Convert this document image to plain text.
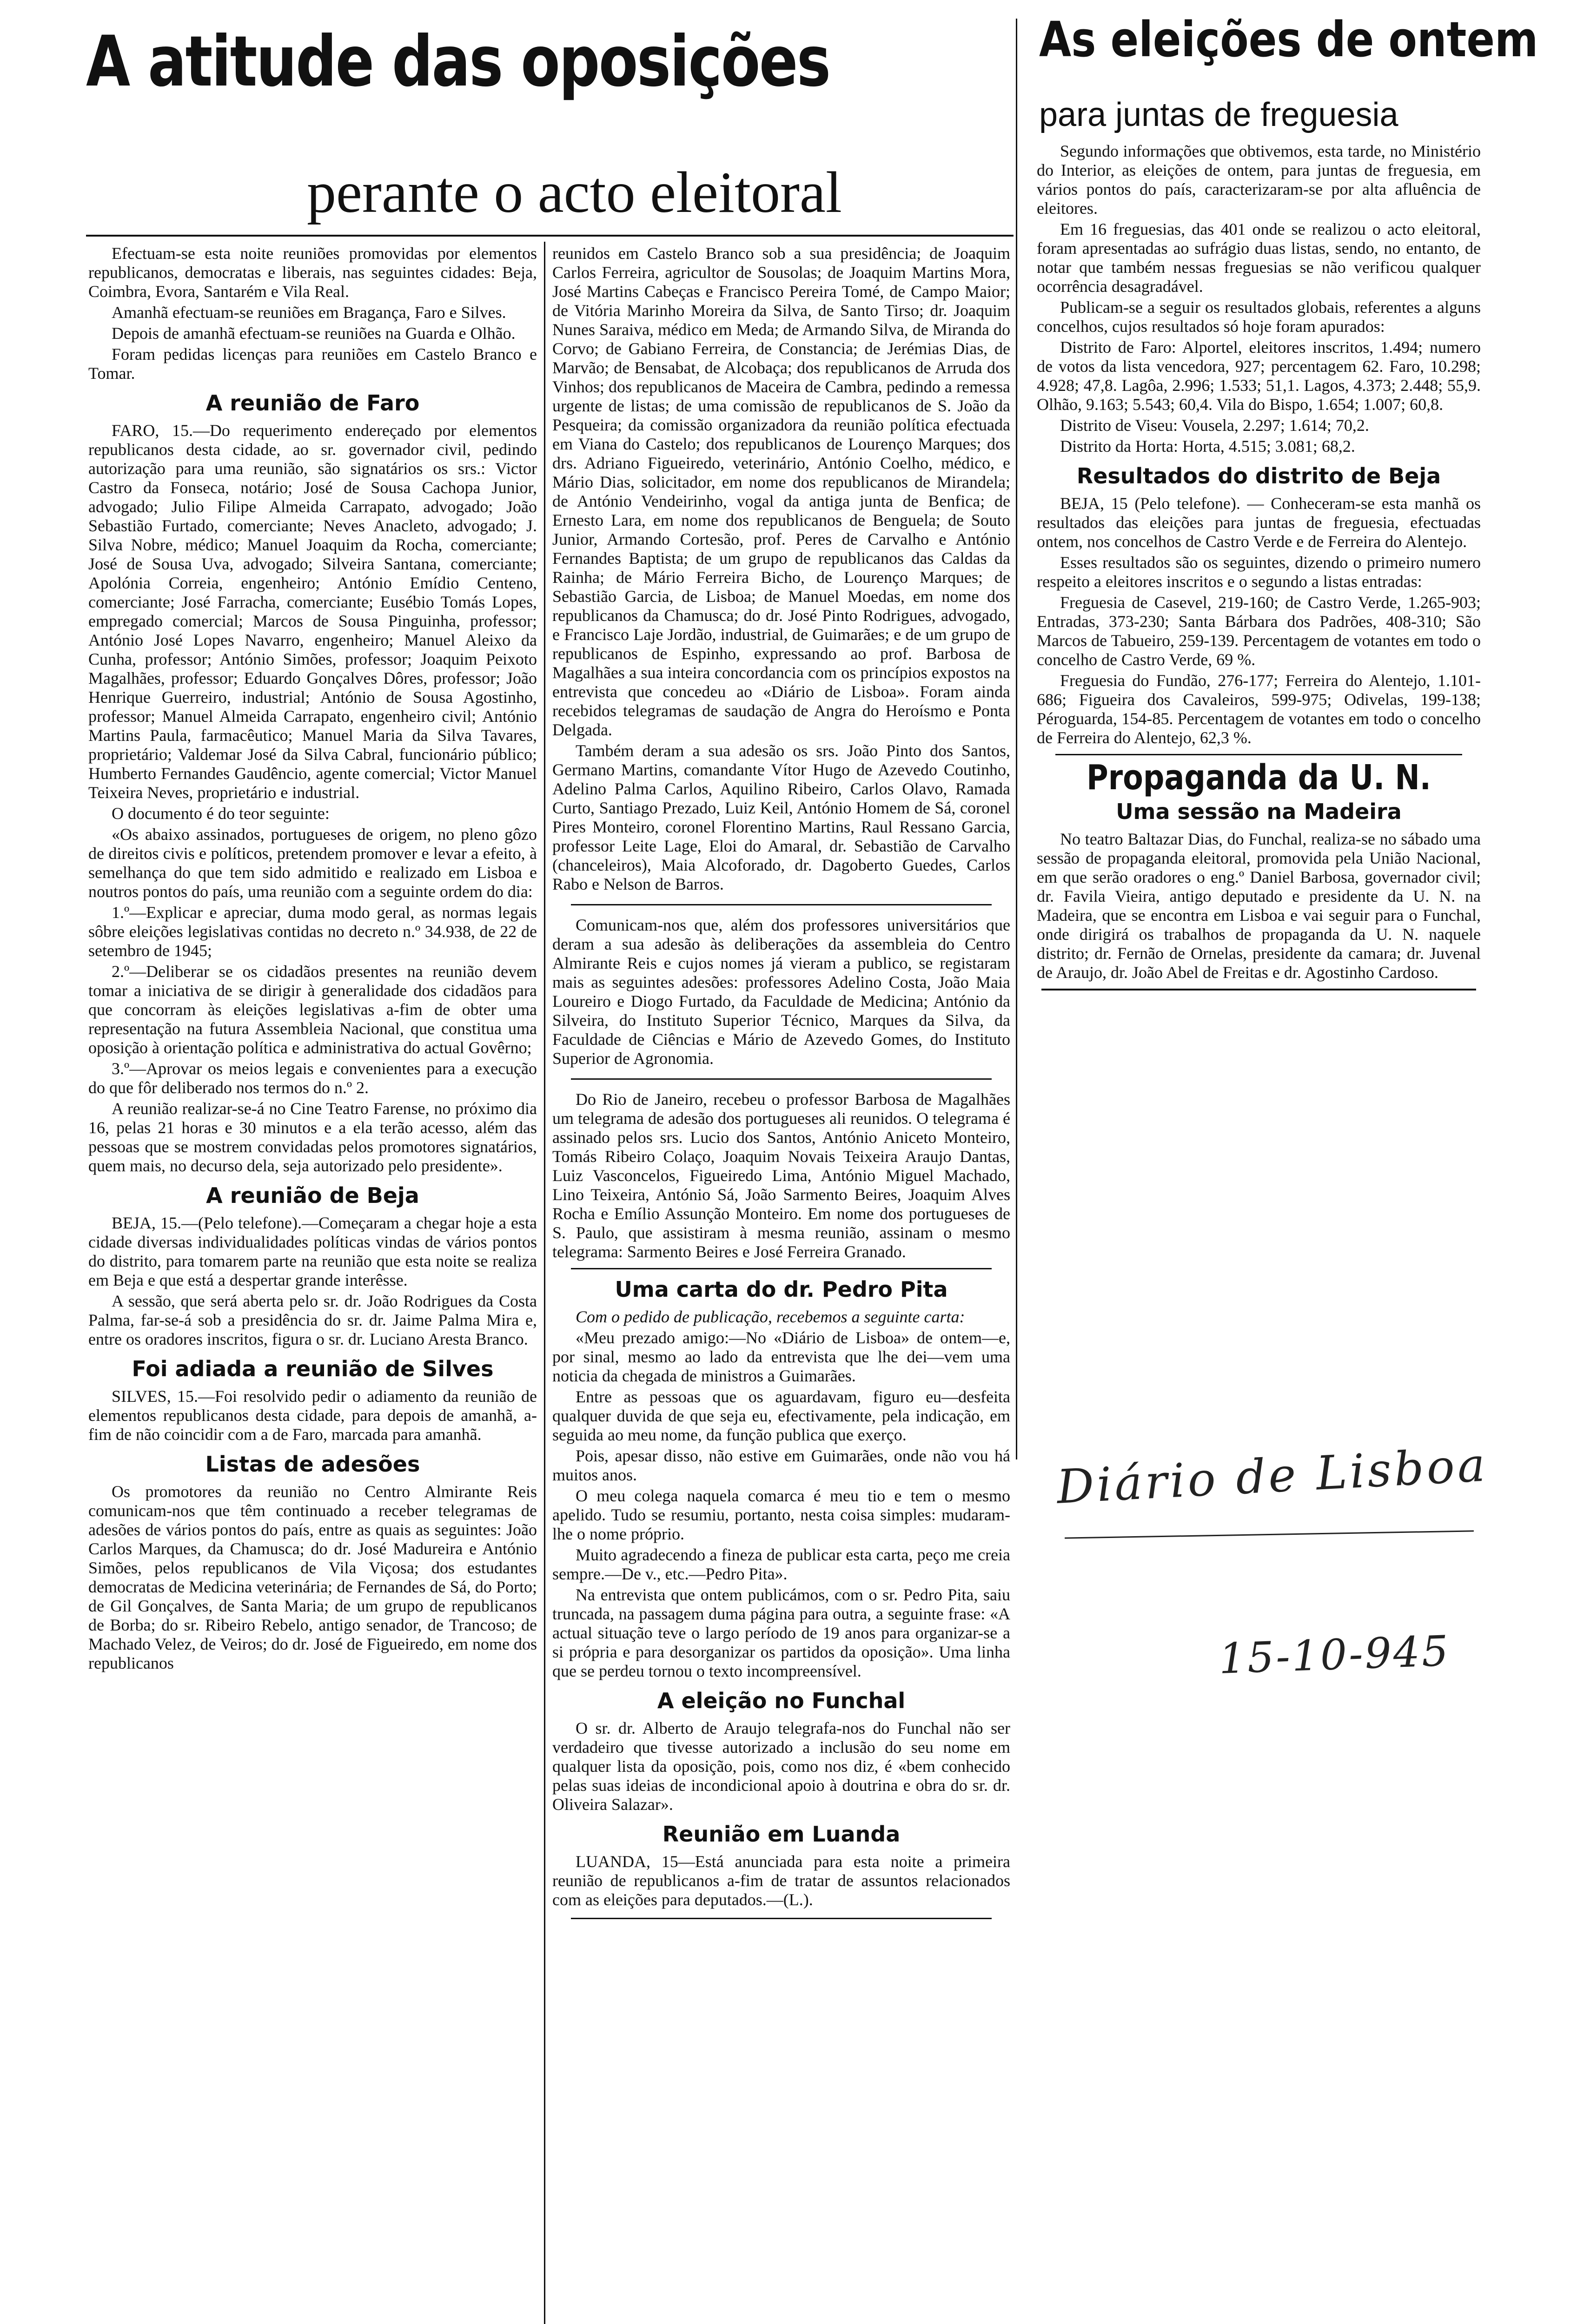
A atitude das oposições
perante o acto eleitoral

Efectuam-se esta noite reuniões promovidas por elementos republicanos, democratas e liberais, nas seguintes cidades: Beja, Coimbra, Evora, Santarém e Vila Real.

Amanhã efectuam-se reuniões em Bragança, Faro e Silves.

Depois de amanhã efectuam-se reuniões na Guarda e Olhão.

Foram pedidas licenças para reuniões em Castelo Branco e Tomar.

A reunião de Faro

FARO, 15.—Do requerimento endereçado por elementos republicanos desta cidade, ao sr. governador civil, pedindo autorização para uma reunião, são signatários os srs.: Victor Castro da Fonseca, notário; José de Sousa Cachopa Junior, advogado; Julio Filipe Almeida Carrapato, advogado; João Sebastião Furtado, comerciante; Neves Anacleto, advogado; J. Silva Nobre, médico; Manuel Joaquim da Rocha, comerciante; José de Sousa Uva, advogado; Silveira Santana, comerciante; Apolónia Correia, engenheiro; António Emídio Centeno, comerciante; José Farracha, comerciante; Eusébio Tomás Lopes, empregado comercial; Marcos de Sousa Pinguinha, professor; António José Lopes Navarro, engenheiro; Manuel Aleixo da Cunha, professor; António Simões, professor; Joaquim Peixoto Magalhães, professor; Eduardo Gonçalves Dôres, professor; João Henrique Guerreiro, industrial; António de Sousa Agostinho, professor; Manuel Almeida Carrapato, engenheiro civil; António Martins Paula, farmacêutico; Manuel Maria da Silva Tavares, proprietário; Valdemar José da Silva Cabral, funcionário público; Humberto Fernandes Gaudêncio, agente comercial; Victor Manuel Teixeira Neves, proprietário e industrial.

O documento é do teor seguinte:

«Os abaixo assinados, portugueses de origem, no pleno gôzo de direitos civis e políticos, pretendem promover e levar a efeito, à semelhança do que tem sido admitido e realizado em Lisboa e noutros pontos do país, uma reunião com a seguinte ordem do dia:

1.º—Explicar e apreciar, duma modo geral, as normas legais sôbre eleições legislativas contidas no decreto n.º 34.938, de 22 de setembro de 1945;

2.º—Deliberar se os cidadãos presentes na reunião devem tomar a iniciativa de se dirigir à generalidade dos cidadãos para que concorram às eleições legislativas a-fim de obter uma representação na futura Assembleia Nacional, que constitua uma oposição à orientação política e administrativa do actual Govêrno;

3.º—Aprovar os meios legais e convenientes para a execução do que fôr deliberado nos termos do n.º 2.

A reunião realizar-se-á no Cine Teatro Farense, no próximo dia 16, pelas 21 horas e 30 minutos e a ela terão acesso, além das pessoas que se mostrem convidadas pelos promotores signatários, quem mais, no decurso dela, seja autorizado pelo presidente».

A reunião de Beja

BEJA, 15.—(Pelo telefone).—Começaram a chegar hoje a esta cidade diversas individualidades políticas vindas de vários pontos do distrito, para tomarem parte na reunião que esta noite se realiza em Beja e que está a despertar grande interêsse.

A sessão, que será aberta pelo sr. dr. João Rodrigues da Costa Palma, far-se-á sob a presidência do sr. dr. Jaime Palma Mira e, entre os oradores inscritos, figura o sr. dr. Luciano Aresta Branco.

Foi adiada a reunião de Silves

SILVES, 15.—Foi resolvido pedir o adiamento da reunião de elementos republicanos desta cidade, para depois de amanhã, a-fim de não coincidir com a de Faro, marcada para amanhã.

Listas de adesões

Os promotores da reunião no Centro Almirante Reis comunicam-nos que têm continuado a receber telegramas de adesões de vários pontos do país, entre as quais as seguintes: João Carlos Marques, da Chamusca; do dr. José Madureira e António Simões, pelos republicanos de Vila Viçosa; dos estudantes democratas de Medicina veterinária; de Fernandes de Sá, do Porto; de Gil Gonçalves, de Santa Maria; de um grupo de republicanos de Borba; do sr. Ribeiro Rebelo, antigo senador, de Trancoso; de Machado Velez, de Veiros; do dr. José de Figueiredo, em nome dos republicanos

reunidos em Castelo Branco sob a sua presidência; de Joaquim Carlos Ferreira, agricultor de Sousolas; de Joaquim Martins Mora, José Martins Cabeças e Francisco Pereira Tomé, de Campo Maior; de Vitória Marinho Moreira da Silva, de Santo Tirso; dr. Joaquim Nunes Saraiva, médico em Meda; de Armando Silva, de Miranda do Corvo; de Gabiano Ferreira, de Constancia; de Jerémias Dias, de Marvão; de Bensabat, de Alcobaça; dos republicanos de Arruda dos Vinhos; dos republicanos de Maceira de Cambra, pedindo a remessa urgente de listas; de uma comissão de republicanos de S. João da Pesqueira; da comissão organizadora da reunião política efectuada em Viana do Castelo; dos republicanos de Lourenço Marques; dos drs. Adriano Figueiredo, veterinário, António Coelho, médico, e Mário Dias, solicitador, em nome dos republicanos de Mirandela; de António Vendeirinho, vogal da antiga junta de Benfica; de Ernesto Lara, em nome dos republicanos de Benguela; de Souto Junior, Armando Cortesão, prof. Peres de Carvalho e António Fernandes Baptista; de um grupo de republicanos das Caldas da Rainha; de Mário Ferreira Bicho, de Lourenço Marques; de Sebastião Garcia, de Lisboa; de Manuel Moedas, em nome dos republicanos da Chamusca; do dr. José Pinto Rodrigues, advogado, e Francisco Laje Jordão, industrial, de Guimarães; e de um grupo de republicanos de Espinho, expressando ao prof. Barbosa de Magalhães a sua inteira concordancia com os princípios expostos na entrevista que concedeu ao «Diário de Lisboa». Foram ainda recebidos telegramas de saudação de Angra do Heroísmo e Ponta Delgada.

Também deram a sua adesão os srs. João Pinto dos Santos, Germano Martins, comandante Vítor Hugo de Azevedo Coutinho, Adelino Palma Carlos, Aquilino Ribeiro, Carlos Olavo, Ramada Curto, Santiago Prezado, Luiz Keil, António Homem de Sá, coronel Pires Monteiro, coronel Florentino Martins, Raul Ressano Garcia, professor Leite Lage, Eloi do Amaral, dr. Sebastião de Carvalho (chanceleiros), Maia Alcoforado, dr. Dagoberto Guedes, Carlos Rabo e Nelson de Barros.

Comunicam-nos que, além dos professores universitários que deram a sua adesão às deliberações da assembleia do Centro Almirante Reis e cujos nomes já vieram a publico, se registaram mais as seguintes adesões: professores Adelino Costa, João Maia Loureiro e Diogo Furtado, da Faculdade de Medicina; António da Silveira, do Instituto Superior Técnico, Marques da Silva, da Faculdade de Ciências e Mário de Azevedo Gomes, do Instituto Superior de Agronomia.

Do Rio de Janeiro, recebeu o professor Barbosa de Magalhães um telegrama de adesão dos portugueses ali reunidos. O telegrama é assinado pelos srs. Lucio dos Santos, António Aniceto Monteiro, Tomás Ribeiro Colaço, Joaquim Novais Teixeira Araujo Dantas, Luiz Vasconcelos, Figueiredo Lima, António Miguel Machado, Lino Teixeira, António Sá, João Sarmento Beires, Joaquim Alves Rocha e Emílio Assunção Monteiro. Em nome dos portugueses de S. Paulo, que assistiram à mesma reunião, assinam o mesmo telegrama: Sarmento Beires e José Ferreira Granado.

Uma carta do dr. Pedro Pita

Com o pedido de publicação, recebemos a seguinte carta:

«Meu prezado amigo:—No «Diário de Lisboa» de ontem—e, por sinal, mesmo ao lado da entrevista que lhe dei—vem uma noticia da chegada de ministros a Guimarães.

Entre as pessoas que os aguardavam, figuro eu—desfeita qualquer duvida de que seja eu, efectivamente, pela indicação, em seguida ao meu nome, da função publica que exerço.

Pois, apesar disso, não estive em Guimarães, onde não vou há muitos anos.

O meu colega naquela comarca é meu tio e tem o mesmo apelido. Tudo se resumiu, portanto, nesta coisa simples: mudaram-lhe o nome próprio.

Muito agradecendo a fineza de publicar esta carta, peço me creia sempre.—De v., etc.—Pedro Pita».

Na entrevista que ontem publicámos, com o sr. Pedro Pita, saiu truncada, na passagem duma página para outra, a seguinte frase: «A actual situação teve o largo período de 19 anos para organizar-se a si própria e para desorganizar os partidos da oposição». Uma linha que se perdeu tornou o texto incompreensível.

A eleição no Funchal

O sr. dr. Alberto de Araujo telegrafa-nos do Funchal não ser verdadeiro que tivesse autorizado a inclusão do seu nome em qualquer lista da oposição, pois, como nos diz, é «bem conhecido pelas suas ideias de incondicional apoio à doutrina e obra do sr. dr. Oliveira Salazar».

Reunião em Luanda

LUANDA, 15—Está anunciada para esta noite a primeira reunião de republicanos a-fim de tratar de assuntos relacionados com as eleições para deputados.—(L.).

As eleições de ontem
para juntas de freguesia

Segundo informações que obtivemos, esta tarde, no Ministério do Interior, as eleições de ontem, para juntas de freguesia, em vários pontos do país, caracterizaram-se por alta afluência de eleitores.

Em 16 freguesias, das 401 onde se realizou o acto eleitoral, foram apresentadas ao sufrágio duas listas, sendo, no entanto, de notar que também nessas freguesias se não verificou qualquer ocorrência desagradável.

Publicam-se a seguir os resultados globais, referentes a alguns concelhos, cujos resultados só hoje foram apurados:

Distrito de Faro: Alportel, eleitores inscritos, 1.494; numero de votos da lista vencedora, 927; percentagem 62. Faro, 10.298; 4.928; 47,8. Lagôa, 2.996; 1.533; 51,1. Lagos, 4.373; 2.448; 55,9. Olhão, 9.163; 5.543; 60,4. Vila do Bispo, 1.654; 1.007; 60,8.

Distrito de Viseu: Vousela, 2.297; 1.614; 70,2.

Distrito da Horta: Horta, 4.515; 3.081; 68,2.

Resultados do distrito de Beja

BEJA, 15 (Pelo telefone). — Conheceram-se esta manhã os resultados das eleições para juntas de freguesia, efectuadas ontem, nos concelhos de Castro Verde e de Ferreira do Alentejo.

Esses resultados são os seguintes, dizendo o primeiro numero respeito a eleitores inscritos e o segundo a listas entradas:

Freguesia de Casevel, 219-160; de Castro Verde, 1.265-903; Entradas, 373-230; Santa Bárbara dos Padrões, 408-310; São Marcos de Tabueiro, 259-139. Percentagem de votantes em todo o concelho de Castro Verde, 69 %.

Freguesia do Fundão, 276-177; Ferreira do Alentejo, 1.101-686; Figueira dos Cavaleiros, 599-975; Odivelas, 199-138; Péroguarda, 154-85. Percentagem de votantes em todo o concelho de Ferreira do Alentejo, 62,3 %.

Propaganda da U. N.
Uma sessão na Madeira

No teatro Baltazar Dias, do Funchal, realiza-se no sábado uma sessão de propaganda eleitoral, promovida pela União Nacional, em que serão oradores o eng.º Daniel Barbosa, governador civil; dr. Favila Vieira, antigo deputado e presidente da U. N. na Madeira, que se encontra em Lisboa e vai seguir para o Funchal, onde dirigirá os trabalhos de propaganda da U. N. naquele distrito; dr. Fernão de Ornelas, presidente da camara; dr. Juvenal de Araujo, dr. João Abel de Freitas e dr. Agostinho Cardoso.

Diário de Lisboa
15-10-945
